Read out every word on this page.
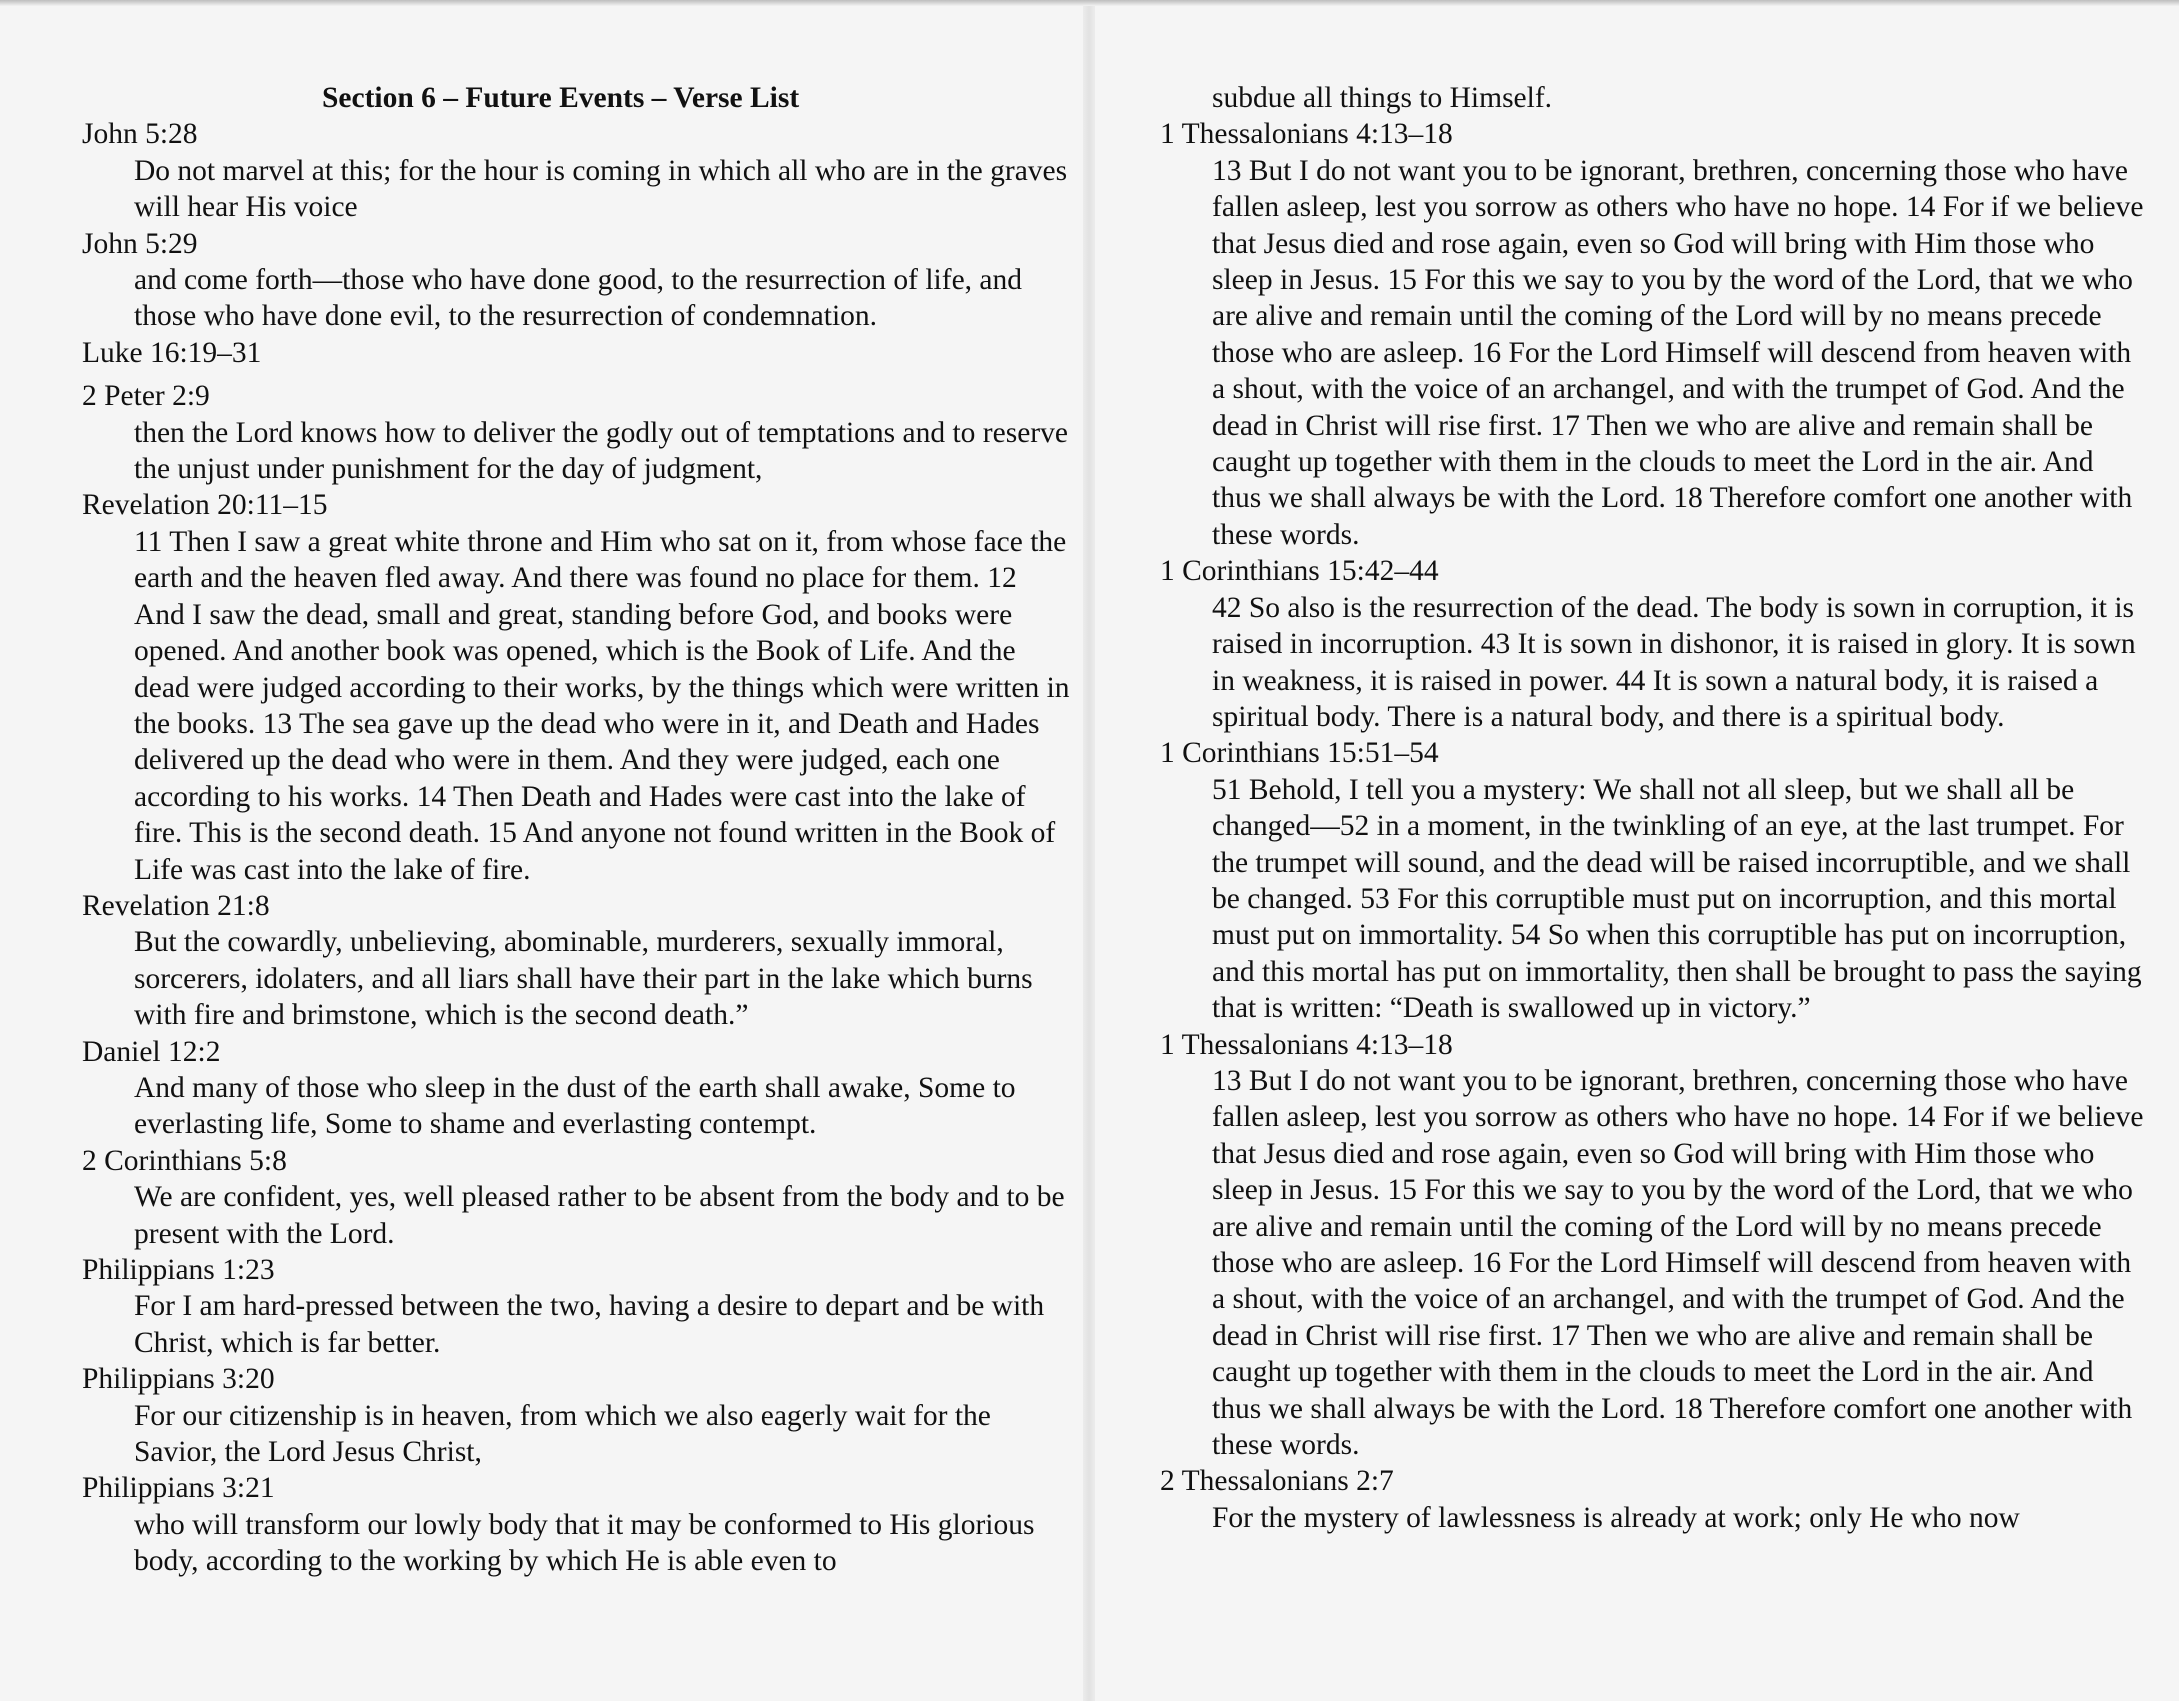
Section 6 – Future Events – Verse List
John 5:28
Do not marvel at this; for the hour is coming in which all who are in the graves will hear His voice
John 5:29
and come forth—those who have done good, to the resurrection of life, and those who have done evil, to the resurrection of condemnation.
Luke 16:19–31
2 Peter 2:9
then the Lord knows how to deliver the godly out of temptations and to reserve the unjust under punishment for the day of judgment,
Revelation 20:11–15
11 Then I saw a great white throne and Him who sat on it, from whose face the earth and the heaven fled away. And there was found no place for them. 12 And I saw the dead, small and great, standing before God, and books were opened. And another book was opened, which is the Book of Life. And the dead were judged according to their works, by the things which were written in the books. 13 The sea gave up the dead who were in it, and Death and Hades delivered up the dead who were in them. And they were judged, each one according to his works. 14 Then Death and Hades were cast into the lake of fire. This is the second death. 15 And anyone not found written in the Book of Life was cast into the lake of fire.
Revelation 21:8
But the cowardly, unbelieving, abominable, murderers, sexually immoral, sorcerers, idolaters, and all liars shall have their part in the lake which burns with fire and brimstone, which is the second death.”
Daniel 12:2
And many of those who sleep in the dust of the earth shall awake, Some to everlasting life, Some to shame and everlasting contempt.
2 Corinthians 5:8
We are confident, yes, well pleased rather to be absent from the body and to be present with the Lord.
Philippians 1:23
For I am hard-pressed between the two, having a desire to depart and be with Christ, which is far better.
Philippians 3:20
For our citizenship is in heaven, from which we also eagerly wait for the Savior, the Lord Jesus Christ,
Philippians 3:21
who will transform our lowly body that it may be conformed to His glorious body, according to the working by which He is able even to
subdue all things to Himself.
1 Thessalonians 4:13–18
13 But I do not want you to be ignorant, brethren, concerning those who have fallen asleep, lest you sorrow as others who have no hope. 14 For if we believe that Jesus died and rose again, even so God will bring with Him those who sleep in Jesus. 15 For this we say to you by the word of the Lord, that we who are alive and remain until the coming of the Lord will by no means precede those who are asleep. 16 For the Lord Himself will descend from heaven with a shout, with the voice of an archangel, and with the trumpet of God. And the dead in Christ will rise first. 17 Then we who are alive and remain shall be caught up together with them in the clouds to meet the Lord in the air. And thus we shall always be with the Lord. 18 Therefore comfort one another with these words.
1 Corinthians 15:42–44
42 So also is the resurrection of the dead. The body is sown in corruption, it is raised in incorruption. 43 It is sown in dishonor, it is raised in glory. It is sown in weakness, it is raised in power. 44 It is sown a natural body, it is raised a spiritual body. There is a natural body, and there is a spiritual body.
1 Corinthians 15:51–54
51 Behold, I tell you a mystery: We shall not all sleep, but we shall all be changed—52 in a moment, in the twinkling of an eye, at the last trumpet. For the trumpet will sound, and the dead will be raised incorruptible, and we shall be changed. 53 For this corruptible must put on incorruption, and this mortal must put on immortality. 54 So when this corruptible has put on incorruption, and this mortal has put on immortality, then shall be brought to pass the saying that is written: “Death is swallowed up in victory.”
1 Thessalonians 4:13–18
13 But I do not want you to be ignorant, brethren, concerning those who have fallen asleep, lest you sorrow as others who have no hope. 14 For if we believe that Jesus died and rose again, even so God will bring with Him those who sleep in Jesus. 15 For this we say to you by the word of the Lord, that we who are alive and remain until the coming of the Lord will by no means precede those who are asleep. 16 For the Lord Himself will descend from heaven with a shout, with the voice of an archangel, and with the trumpet of God. And the dead in Christ will rise first. 17 Then we who are alive and remain shall be caught up together with them in the clouds to meet the Lord in the air. And thus we shall always be with the Lord. 18 Therefore comfort one another with these words.
2 Thessalonians 2:7
For the mystery of lawlessness is already at work; only He who now
